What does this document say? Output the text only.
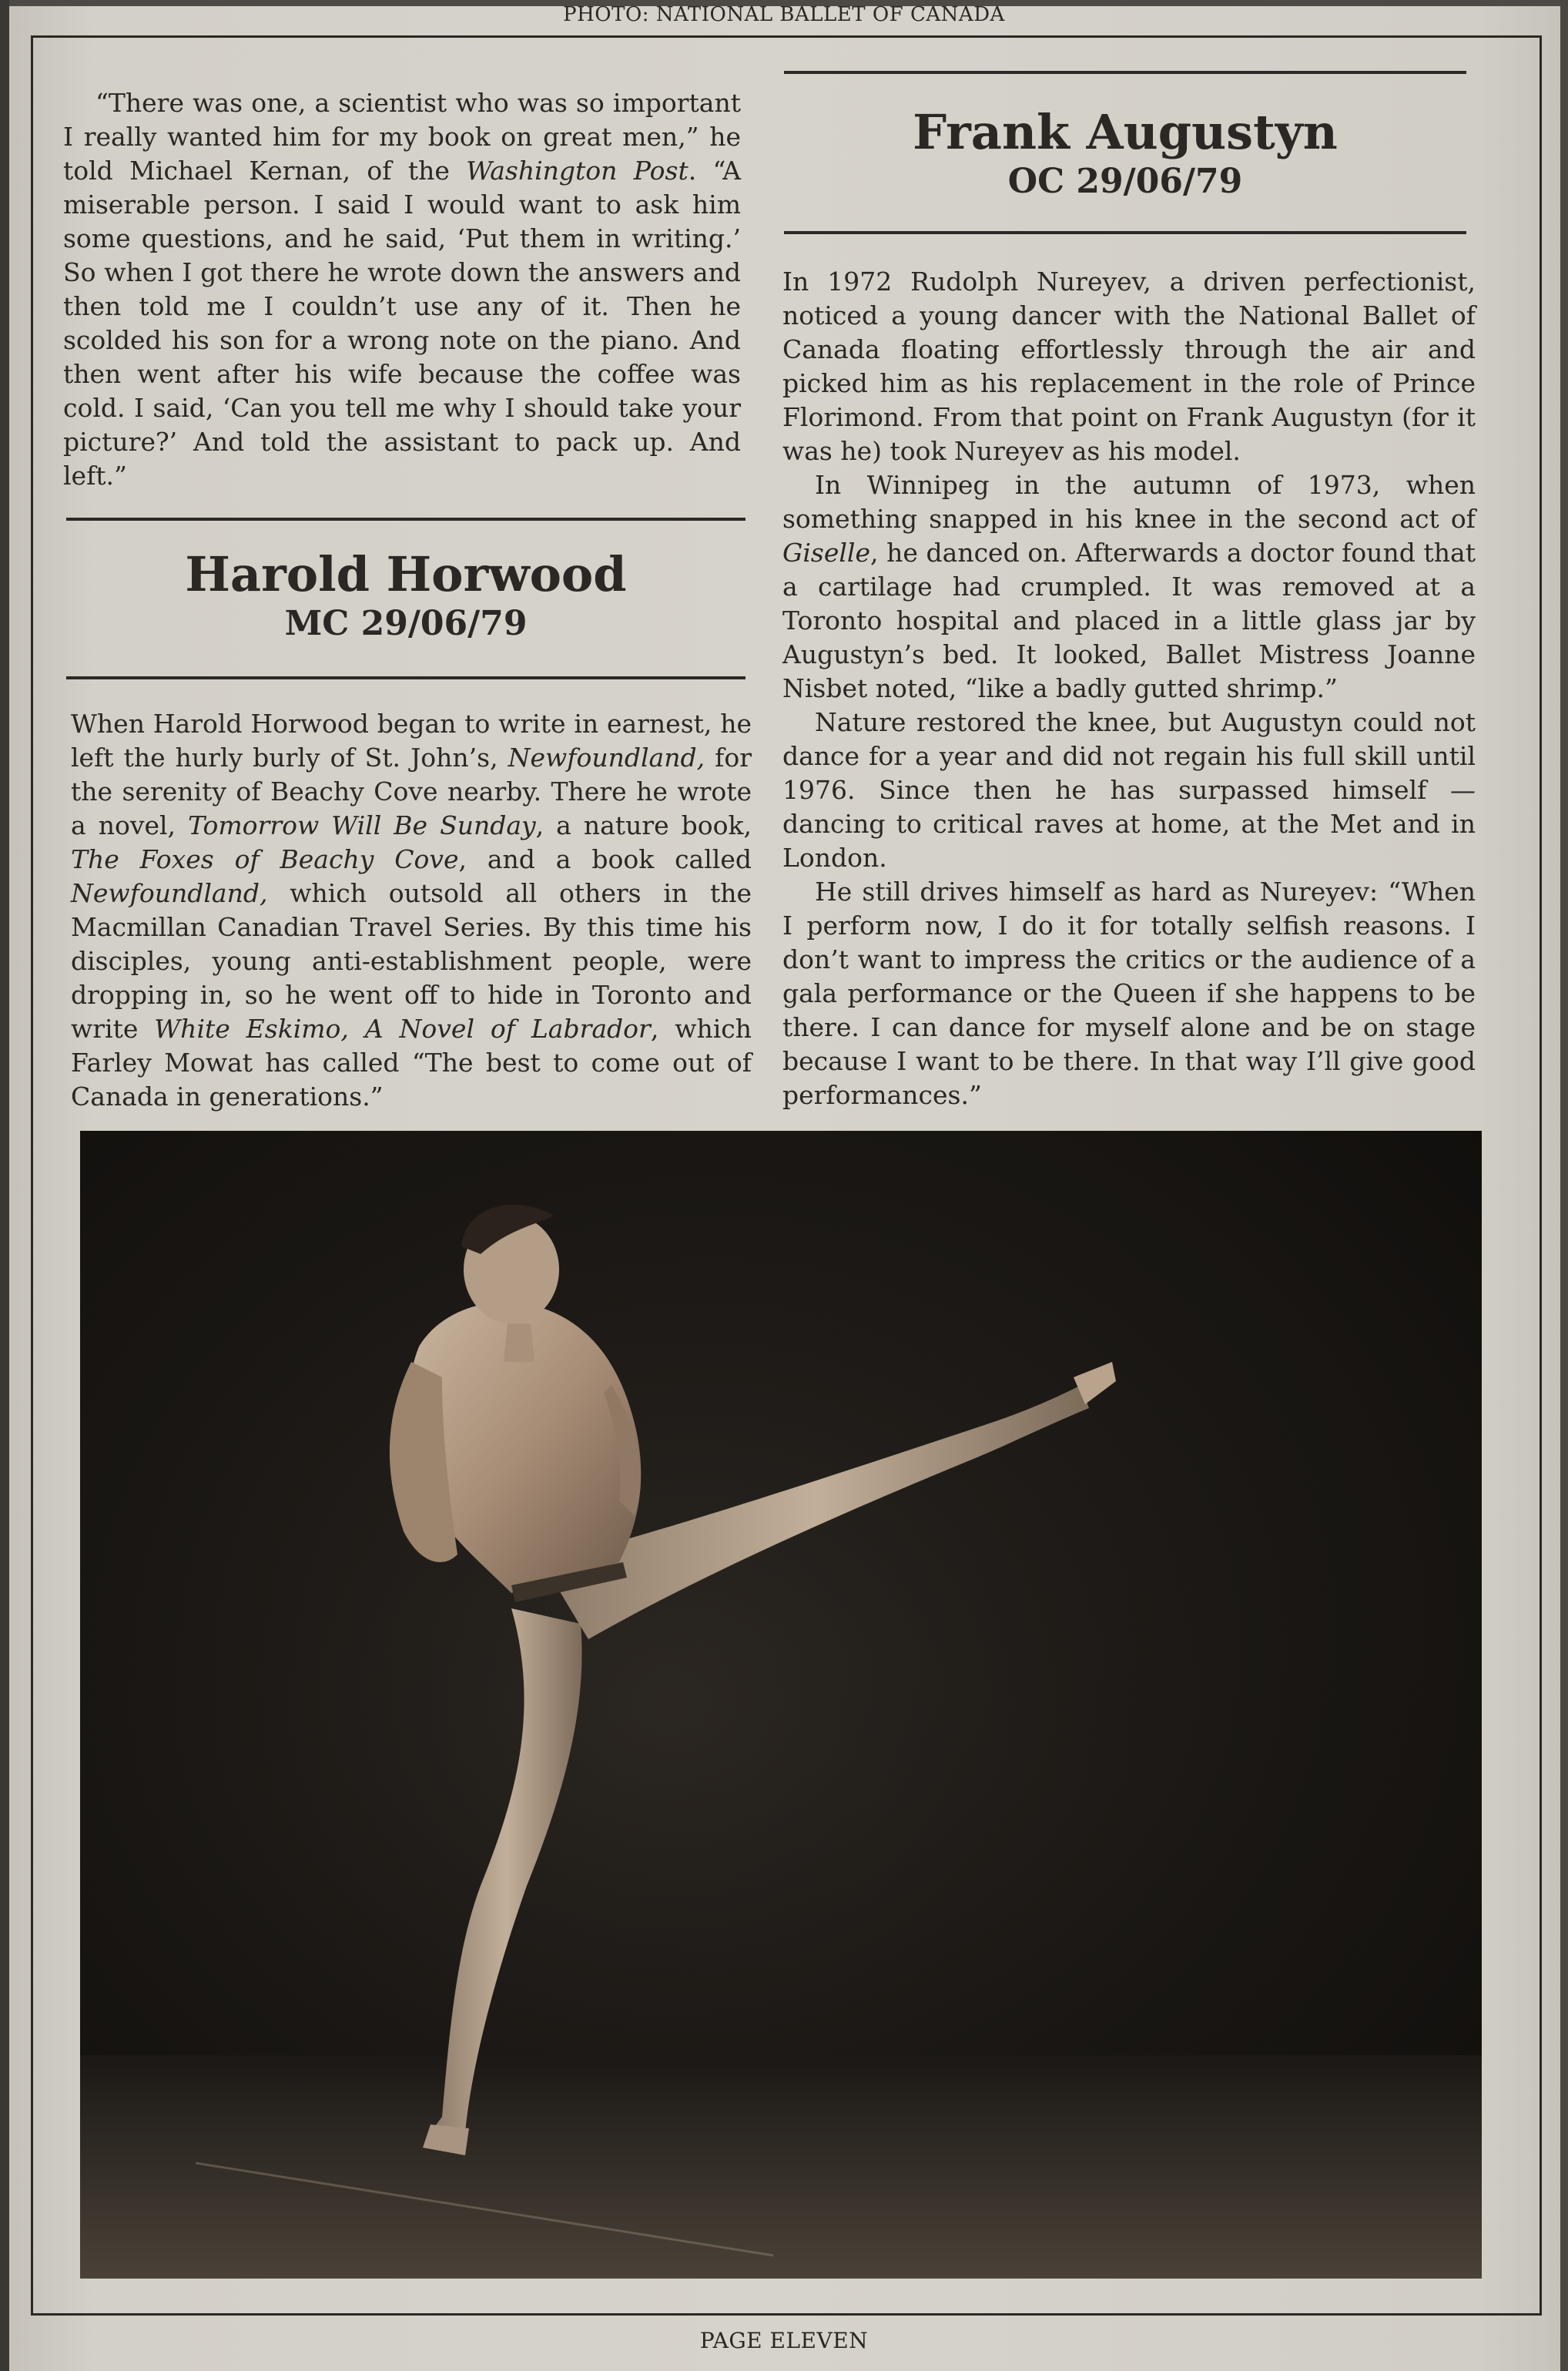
PHOTO: NATIONAL BALLET OF CANADA

“There was one, a scientist who was so important I really wanted him for my book on great men,” he told Michael Kernan, of the Washington Post. “A miserable person. I said I would want to ask him some questions, and he said, ‘Put them in writing.’ So when I got there he wrote down the answers and then told me I couldn’t use any of it. Then he scolded his son for a wrong note on the piano. And then went after his wife because the coffee was cold. I said, ‘Can you tell me why I should take your picture?’ And told the assistant to pack up. And left.”

Harold Horwood
MC 29/06/79

When Harold Horwood began to write in earnest, he left the hurly burly of St. John’s, Newfoundland, for the serenity of Beachy Cove nearby. There he wrote a novel, Tomorrow Will Be Sunday, a nature book, The Foxes of Beachy Cove, and a book called Newfoundland, which outsold all others in the Macmillan Canadian Travel Series. By this time his disciples, young anti-establishment people, were dropping in, so he went off to hide in Toronto and write White Eskimo, A Novel of Labrador, which Farley Mowat has called “The best to come out of Canada in generations.”

Frank Augustyn
OC 29/06/79

In 1972 Rudolph Nureyev, a driven perfectionist, noticed a young dancer with the National Ballet of Canada floating effortlessly through the air and picked him as his replacement in the role of Prince Florimond. From that point on Frank Augustyn (for it was he) took Nureyev as his model.

In Winnipeg in the autumn of 1973, when something snapped in his knee in the second act of Giselle, he danced on. Afterwards a doctor found that a cartilage had crumpled. It was removed at a Toronto hospital and placed in a little glass jar by Augustyn’s bed. It looked, Ballet Mistress Joanne Nisbet noted, “like a badly gutted shrimp.”

Nature restored the knee, but Augustyn could not dance for a year and did not regain his full skill until 1976. Since then he has surpassed himself — dancing to critical raves at home, at the Met and in London.

He still drives himself as hard as Nureyev: “When I perform now, I do it for totally selfish reasons. I don’t want to impress the critics or the audience of a gala performance or the Queen if she happens to be there. I can dance for myself alone and be on stage because I want to be there. In that way I’ll give good performances.”

PAGE ELEVEN
